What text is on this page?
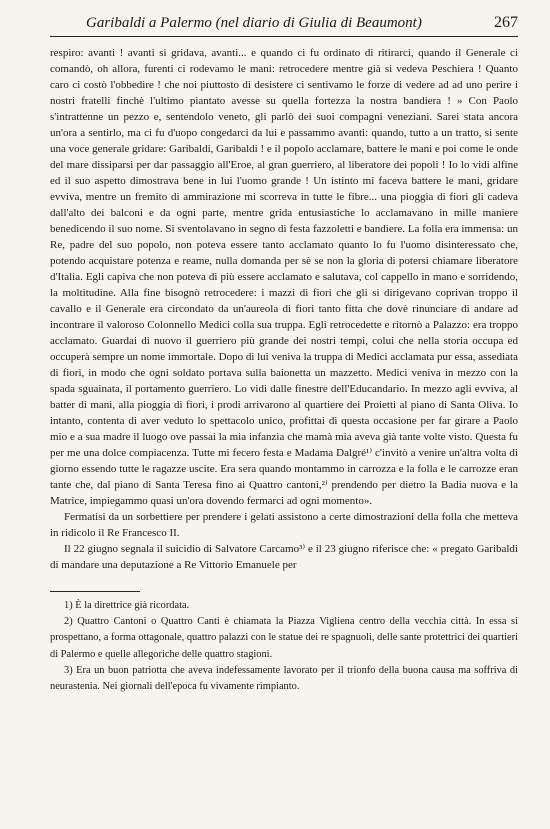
Garibaldi a Palermo (nel diario di Giulia di Beaumont)	267

respiro: avanti ! avanti si gridava, avanti... e quando ci fu ordinato di ritirarci, quando il Generale ci comandò, oh allora, furenti ci rodevamo le mani: retrocedere mentre già si vedeva Peschiera ! Quanto caro ci costò l'obbedire ! che noi piuttosto di desistere ci sentivamo le forze di vedere ad ad uno perire i nostri fratelli finchè l'ultimo piantato avesse su quella fortezza la nostra bandiera ! » Con Paolo s'intrattenne un pezzo e, sentendolo veneto, gli parlò dei suoi compagni veneziani. Sarei stata ancora un'ora a sentirlo, ma ci fu d'uopo congedarci da lui e passammo avanti: quando, tutto a un tratto, si sente una voce generale gridare: Garibaldi, Garibaldi ! e il popolo acclamare, battere le mani e poi come le onde del mare dissiparsi per dar passaggio all'Eroe, al gran guerriero, al liberatore dei popoli ! Io lo vidi alfine ed il suo aspetto dimostrava bene in lui l'uomo grande ! Un istinto mi faceva battere le mani, gridare evviva, mentre un fremito di ammirazione mi scorreva in tutte le fibre... una pioggia di fiori gli cadeva dall'alto dei balconi e da ogni parte, mentre grida entusiastiche lo acclamavano in mille maniere benedicendo il suo nome. Si sventolavano in segno di festa fazzoletti e bandiere. La folla era immensa: un Re, padre del suo popolo, non poteva essere tanto acclamato quanto lo fu l'uomo disinteressato che, potendo acquistare potenza e reame, nulla domanda per sè se non la gloria di potersi chiamare liberatore d'Italia. Egli capiva che non poteva di più essere acclamato e salutava, col cappello in mano e sorridendo, la moltitudine. Alla fine bisognò retrocedere: i mazzi di fiori che gli si dirigevano coprivan troppo il cavallo e il Generale era circondato da un'aureola di fiori tanto fitta che dovè rinunciare di andare ad incontrare il valoroso Colonnello Medici colla sua truppa. Egli retrocedette e ritornò a Palazzo: era troppo acclamato. Guardai di nuovo il guerriero più grande dei nostri tempi, colui che nella storia occupa ed occuperà sempre un nome immortale. Dopo di lui veniva la truppa di Medici acclamata pur essa, assediata di fiori, in modo che ogni soldato portava sulla baionetta un mazzetto. Medici veniva in mezzo con la spada sguainata, il portamento guerriero. Lo vidi dalle finestre dell'Educandario. In mezzo agli evviva, al batter di mani, alla pioggia di fiori, i prodi arrivarono al quartiere dei Proietti al piano di Santa Oliva. Io intanto, contenta di aver veduto lo spettacolo unico, profittai di questa occasione per far girare a Paolo mio e a sua madre il luogo ove passai la mia infanzia che mamà mia aveva già tante volte visto. Questa fu per me una dolce compiacenza. Tutte mi fecero festa e Madama Dalgré¹⁾ c'invitò a venire un'altra volta di giorno essendo tutte le ragazze uscite. Era sera quando montammo in carrozza e la folla e le carrozze eran tante che, dal piano di Santa Teresa fino ai Quattro cantoni,²⁾ prendendo per dietro la Badia nuova e la Matrice, impiegammo quasi un'ora dovendo fermarci ad ogni momento».

Fermatisi da un sorbettiere per prendere i gelati assistono a certe dimostrazioni della folla che metteva in ridicolo il Re Francesco II.

Il 22 giugno segnala il suicidio di Salvatore Carcamo³⁾ e il 23 giugno riferisce che: « pregato Garibaldi di mandare una deputazione a Re Vittorio Emanuele per

1) È la direttrice già ricordata.

2) Quattro Cantoni o Quattro Canti è chiamata la Piazza Vigliena centro della vecchia città. In essa si prospettano, a forma ottagonale, quattro palazzi con le statue dei re spagnuoli, delle sante protettrici dei quartieri di Palermo e quelle allegoriche delle quattro stagioni.

3) Era un buon patriotta che aveva indefessamente lavorato per il trionfo della buona causa ma soffriva di neurastenia. Nei giornali dell'epoca fu vivamente rimpianto.
